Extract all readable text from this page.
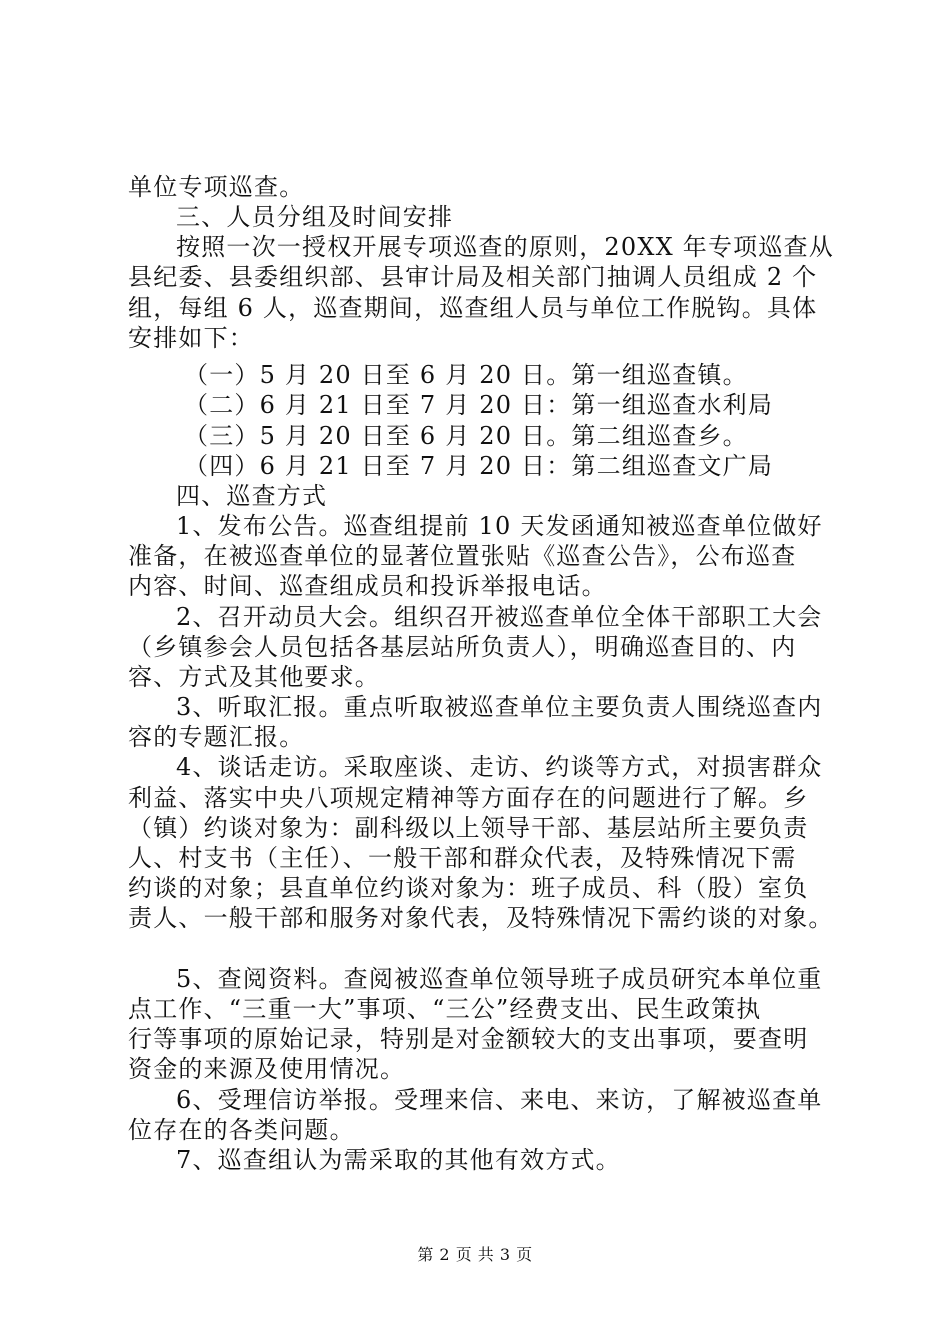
单位专项巡查。
三、人员分组及时间安排
按照一次一授权开展专项巡查的原则，20XX 年专项巡查从
县纪委、县委组织部、县审计局及相关部门抽调人员组成 2 个
组，每组 6 人，巡查期间，巡查组人员与单位工作脱钩。具体
安排如下：
（一）5 月 20 日至 6 月 20 日。第一组巡查镇。
（二）6 月 21 日至 7 月 20 日：第一组巡查水利局
（三）5 月 20 日至 6 月 20 日。第二组巡查乡。
（四）6 月 21 日至 7 月 20 日：第二组巡查文广局
四、巡查方式
1、发布公告。巡查组提前 10 天发函通知被巡查单位做好
准备，在被巡查单位的显著位置张贴《巡查公告》，公布巡查
内容、时间、巡查组成员和投诉举报电话。
2、召开动员大会。组织召开被巡查单位全体干部职工大会
（乡镇参会人员包括各基层站所负责人），明确巡查目的、内
容、方式及其他要求。
3、听取汇报。重点听取被巡查单位主要负责人围绕巡查内
容的专题汇报。
4、谈话走访。采取座谈、走访、约谈等方式，对损害群众
利益、落实中央八项规定精神等方面存在的问题进行了解。乡
（镇）约谈对象为：副科级以上领导干部、基层站所主要负责
人、村支书（主任）、一般干部和群众代表，及特殊情况下需
约谈的对象；县直单位约谈对象为：班子成员、科（股）室负
责人、一般干部和服务对象代表，及特殊情况下需约谈的对象。
5、查阅资料。查阅被巡查单位领导班子成员研究本单位重
点工作、“三重一大”事项、“三公”经费支出、民生政策执
行等事项的原始记录，特别是对金额较大的支出事项，要查明
资金的来源及使用情况。
6、受理信访举报。受理来信、来电、来访，了解被巡查单
位存在的各类问题。
7、巡查组认为需采取的其他有效方式。
第 2 页 共 3 页
